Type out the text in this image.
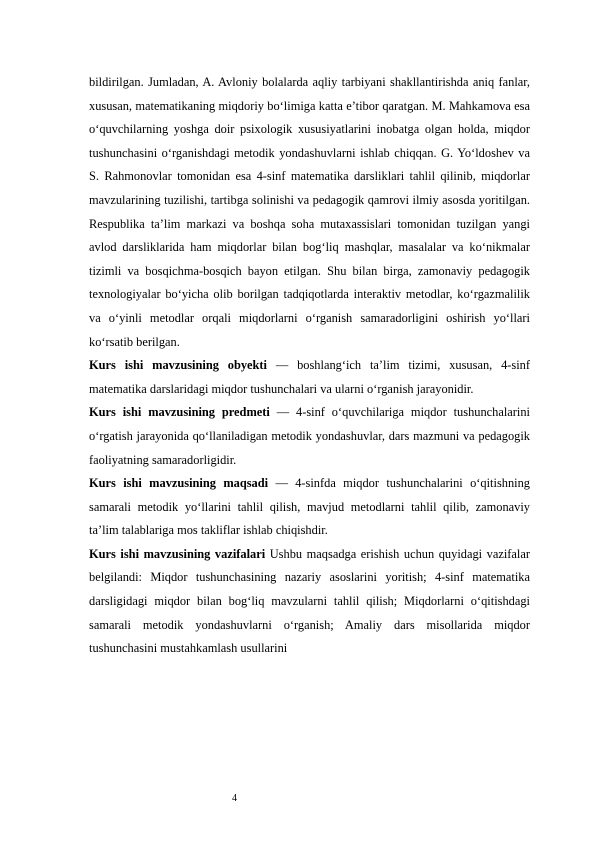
bildirilgan. Jumladan, A. Avloniy bolalarda aqliy tarbiyani shakllantirishda aniq fanlar, xususan, matematikaning miqdoriy bo‘limiga katta e’tibor qaratgan. M. Mahkamova esa o‘quvchilarning yoshga doir psixologik xususiyatlarini inobatga olgan holda, miqdor tushunchasini o‘rganishdagi metodik yondashuvlarni ishlab chiqqan. G. Yo‘ldoshev va S. Rahmonovlar tomonidan esa 4-sinf matematika darsliklari tahlil qilinib, miqdorlar mavzularining tuzilishi, tartibga solinishi va pedagogik qamrovi ilmiy asosda yoritilgan. Respublika ta’lim markazi va boshqa soha mutaxassislari tomonidan tuzilgan yangi avlod darsliklarida ham miqdorlar bilan bog‘liq mashqlar, masalalar va ko‘nikmalar tizimli va bosqichma-bosqich bayon etilgan. Shu bilan birga, zamonaviy pedagogik texnologiyalar bo‘yicha olib borilgan tadqiqotlarda interaktiv metodlar, ko‘rgazmalilik va o‘yinli metodlar orqali miqdorlarni o‘rganish samaradorligini oshirish yo‘llari ko‘rsatib berilgan.

Kurs ishi mavzusining obyekti — boshlang‘ich ta’lim tizimi, xususan, 4-sinf matematika darslaridagi miqdor tushunchalari va ularni o‘rganish jarayonidir.

Kurs ishi mavzusining predmeti — 4-sinf o‘quvchilariga miqdor tushunchalarini o‘rgatish jarayonida qo‘llaniladigan metodik yondashuvlar, dars mazmuni va pedagogik faoliyatning samaradorligidir.

Kurs ishi mavzusining maqsadi — 4-sinfda miqdor tushunchalarini o‘qitishning samarali metodik yo‘llarini tahlil qilish, mavjud metodlarni tahlil qilib, zamonaviy ta’lim talablariga mos takliflar ishlab chiqishdir.

Kurs ishi mavzusining vazifalari Ushbu maqsadga erishish uchun quyidagi vazifalar belgilandi: Miqdor tushunchasining nazariy asoslarini yoritish; 4-sinf matematika darsligidagi miqdor bilan bog‘liq mavzularni tahlil qilish; Miqdorlarni o‘qitishdagi samarali metodik yondashuvlarni o‘rganish; Amaliy dars misollarida miqdor tushunchasini mustahkamlash usullarini

4
